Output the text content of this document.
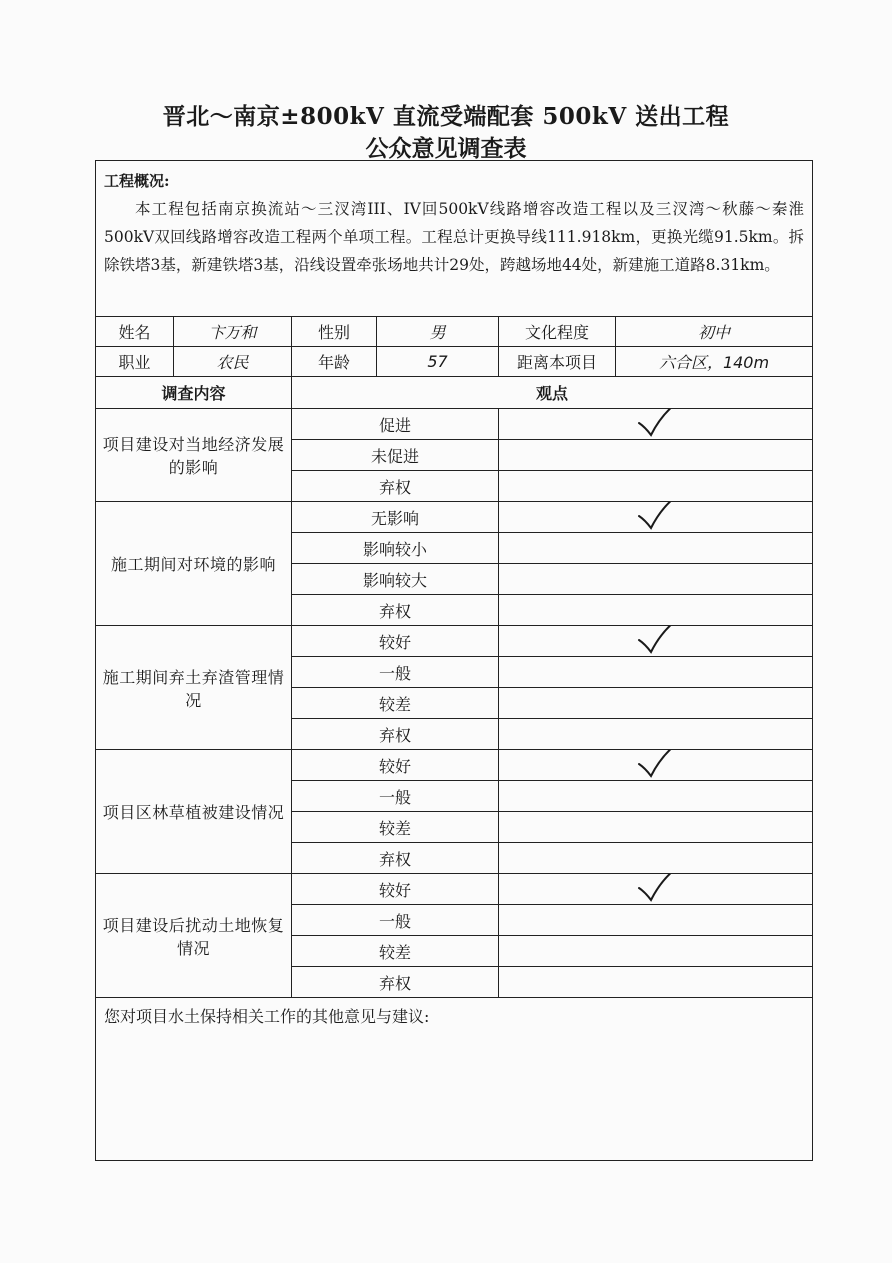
晋北～南京±800kV 直流受端配套 500kV 送出工程
公众意见调查表
工程概况:
本工程包括南京换流站～三汊湾III、IV回500kV线路增容改造工程以及三汊湾～秋藤～秦淮500kV双回线路增容改造工程两个单项工程。工程总计更换导线111.918km，更换光缆91.5km。拆除铁塔3基，新建铁塔3基，沿线设置牵张场地共计29处，跨越场地44处，新建施工道路8.31km。					

姓名	卞万和	性别	男	文化程度	初中
职业	农民	年龄	57	距离本项目	六合区，140m
调查内容		观点			
项目建设对当地经济发展的影响		促进	

		未促进			
		弃权			
施工期间对环境的影响		无影响	

		影响较小			
		影响较大			
		弃权			
施工期间弃土弃渣管理情况		较好	

		一般			
		较差			
		弃权			
项目区林草植被建设情况		较好	

		一般			
		较差			
		弃权			
项目建设后扰动土地恢复情况		较好	

		一般			
		较差			
		弃权			
您对项目水土保持相关工作的其他意见与建议:					
